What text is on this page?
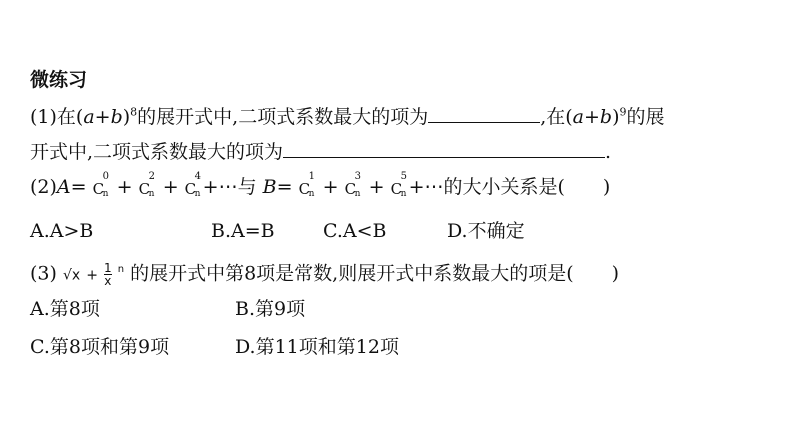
微练习
(1)在$(a+b)^8$的展开式中,二项式系数最大的项为	,在$(a+b)^9$的展
开式中,二项式系数最大的项为	.
(2)A= C
0
n + C
2
n + C
4
n +⋯与 B= C
1
n + C
3
n + C
5
n +⋯的大小关系是(　　)
A.A>B	B.A=B	C.A<B	D.不确定
(3) $√x + \frac{1}{x} ^n$ 的展开式中第8项是常数,则展开式中系数最大的项是(　　)
A.第8项	B.第9项
C.第8项和第9项	D.第11项和第12项
